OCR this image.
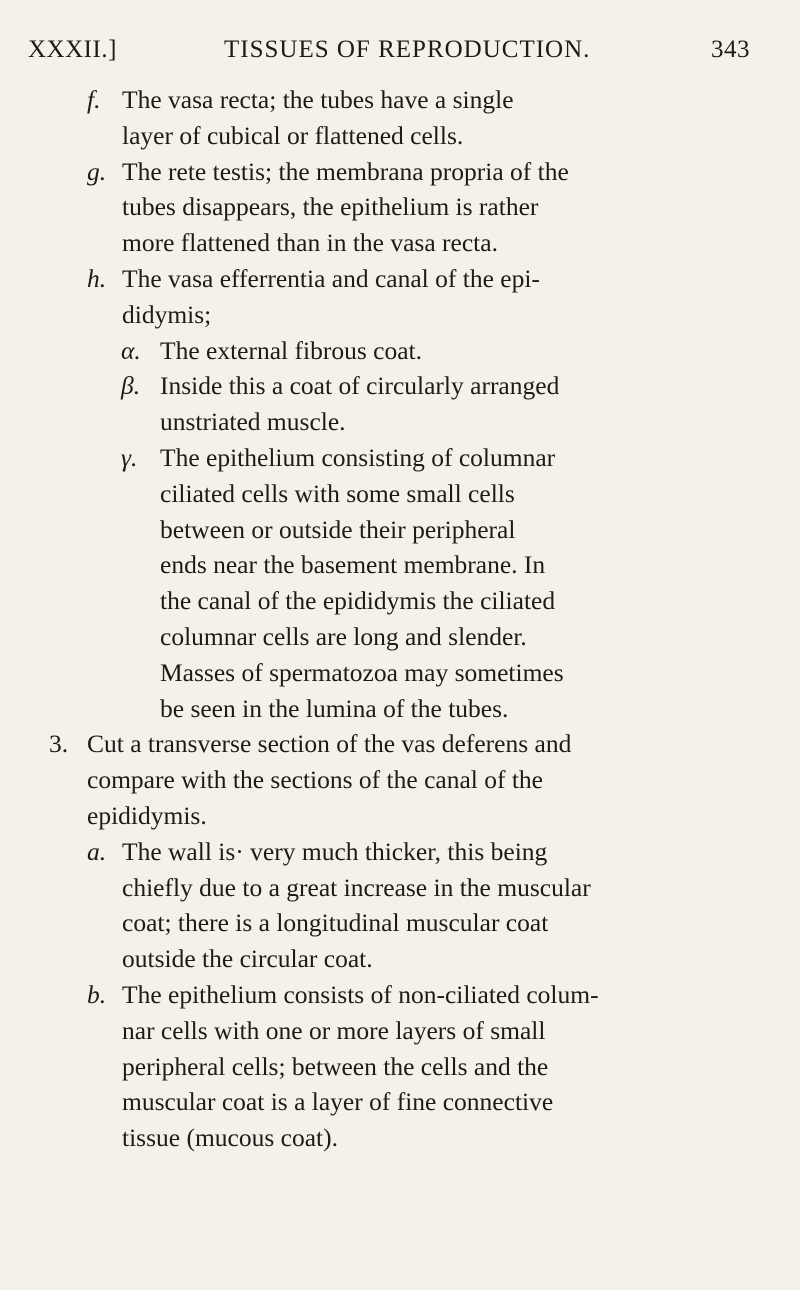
XXXII.]	TISSUES OF REPRODUCTION.	343
f. The vasa recta; the tubes have a single
layer of cubical or flattened cells.
g. The rete testis; the membrana propria of the
tubes disappears, the epithelium is rather
more flattened than in the vasa recta.
h. The vasa efferrentia and canal of the epi-
didymis;
α. The external fibrous coat.
β. Inside this a coat of circularly arranged
unstriated muscle.
γ. The epithelium consisting of columnar
ciliated cells with some small cells
between or outside their peripheral
ends near the basement membrane. In
the canal of the epididymis the ciliated
columnar cells are long and slender.
Masses of spermatozoa may sometimes
be seen in the lumina of the tubes.
3. Cut a transverse section of the vas deferens and
compare with the sections of the canal of the
epididymis.
a. The wall is· very much thicker, this being
chiefly due to a great increase in the muscular
coat; there is a longitudinal muscular coat
outside the circular coat.
b. The epithelium consists of non-ciliated colum-
nar cells with one or more layers of small
peripheral cells; between the cells and the
muscular coat is a layer of fine connective
tissue (mucous coat).
